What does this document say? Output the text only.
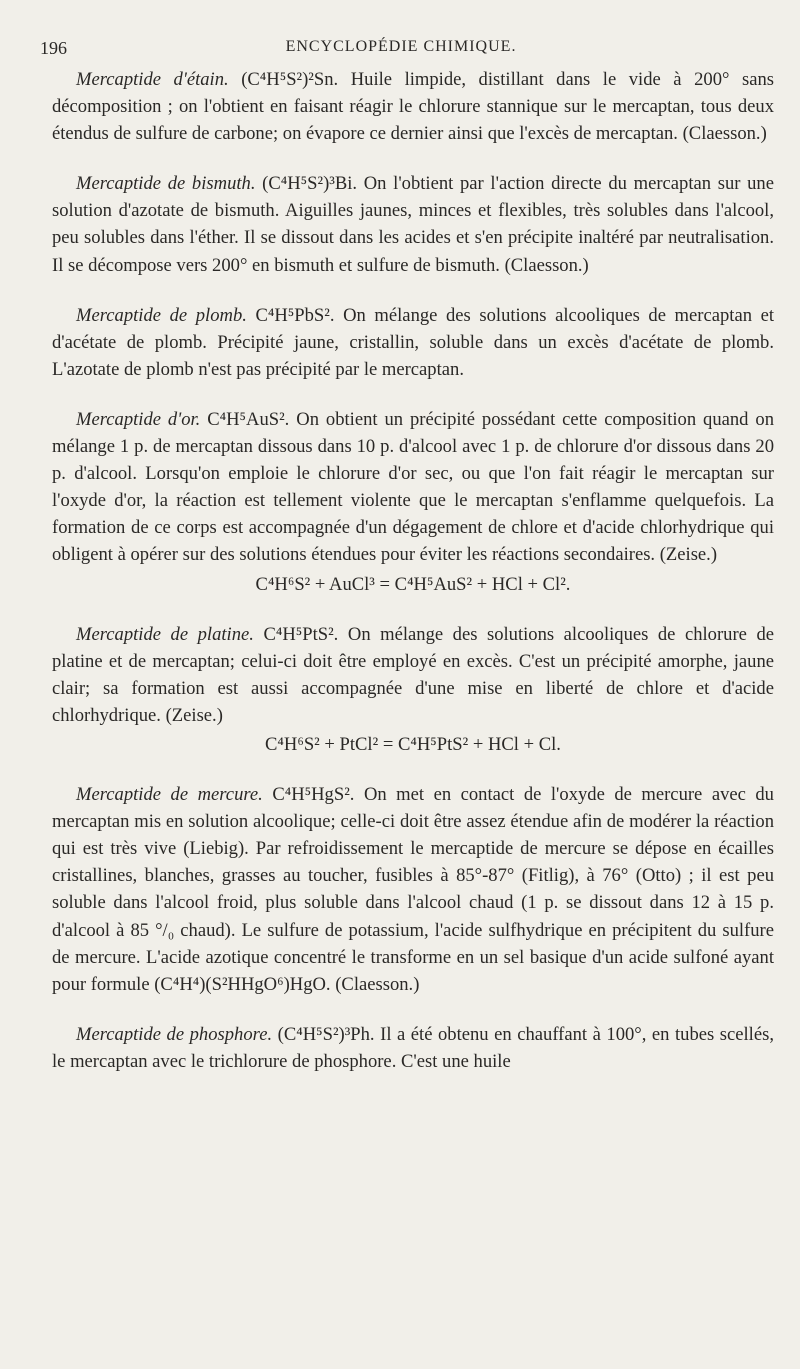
196	ENCYCLOPÉDIE CHIMIQUE.

Mercaptide d'étain. (C⁴H⁵S²)²Sn. Huile limpide, distillant dans le vide à 200° sans décomposition ; on l'obtient en faisant réagir le chlorure stannique sur le mercaptan, tous deux étendus de sulfure de carbone; on évapore ce dernier ainsi que l'excès de mercaptan. (Claesson.)

Mercaptide de bismuth. (C⁴H⁵S²)³Bi. On l'obtient par l'action directe du mercaptan sur une solution d'azotate de bismuth. Aiguilles jaunes, minces et flexibles, très solubles dans l'alcool, peu solubles dans l'éther. Il se dissout dans les acides et s'en précipite inaltéré par neutralisation. Il se décompose vers 200° en bismuth et sulfure de bismuth. (Claesson.)

Mercaptide de plomb. C⁴H⁵PbS². On mélange des solutions alcooliques de mercaptan et d'acétate de plomb. Précipité jaune, cristallin, soluble dans un excès d'acétate de plomb. L'azotate de plomb n'est pas précipité par le mercaptan.

Mercaptide d'or. C⁴H⁵AuS². On obtient un précipité possédant cette composition quand on mélange 1 p. de mercaptan dissous dans 10 p. d'alcool avec 1 p. de chlorure d'or dissous dans 20 p. d'alcool. Lorsqu'on emploie le chlorure d'or sec, ou que l'on fait réagir le mercaptan sur l'oxyde d'or, la réaction est tellement violente que le mercaptan s'enflamme quelquefois. La formation de ce corps est accompagnée d'un dégagement de chlore et d'acide chlorhydrique qui obligent à opérer sur des solutions étendues pour éviter les réactions secondaires. (Zeise.)

C⁴H⁶S² + AuCl³ = C⁴H⁵AuS² + HCl + Cl².

Mercaptide de platine. C⁴H⁵PtS². On mélange des solutions alcooliques de chlorure de platine et de mercaptan; celui-ci doit être employé en excès. C'est un précipité amorphe, jaune clair; sa formation est aussi accompagnée d'une mise en liberté de chlore et d'acide chlorhydrique. (Zeise.)

C⁴H⁶S² + PtCl² = C⁴H⁵PtS² + HCl + Cl.

Mercaptide de mercure. C⁴H⁵HgS². On met en contact de l'oxyde de mercure avec du mercaptan mis en solution alcoolique; celle-ci doit être assez étendue afin de modérer la réaction qui est très vive (Liebig). Par refroidissement le mercaptide de mercure se dépose en écailles cristallines, blanches, grasses au toucher, fusibles à 85°-87° (Fitlig), à 76° (Otto) ; il est peu soluble dans l'alcool froid, plus soluble dans l'alcool chaud (1 p. se dissout dans 12 à 15 p. d'alcool à 85 °/₀ chaud). Le sulfure de potassium, l'acide sulfhydrique en précipitent du sulfure de mercure. L'acide azotique concentré le transforme en un sel basique d'un acide sulfoné ayant pour formule (C⁴H⁴)(S²HHgO⁶)HgO. (Claesson.)

Mercaptide de phosphore. (C⁴H⁵S²)³Ph. Il a été obtenu en chauffant à 100°, en tubes scellés, le mercaptan avec le trichlorure de phosphore. C'est une huile
